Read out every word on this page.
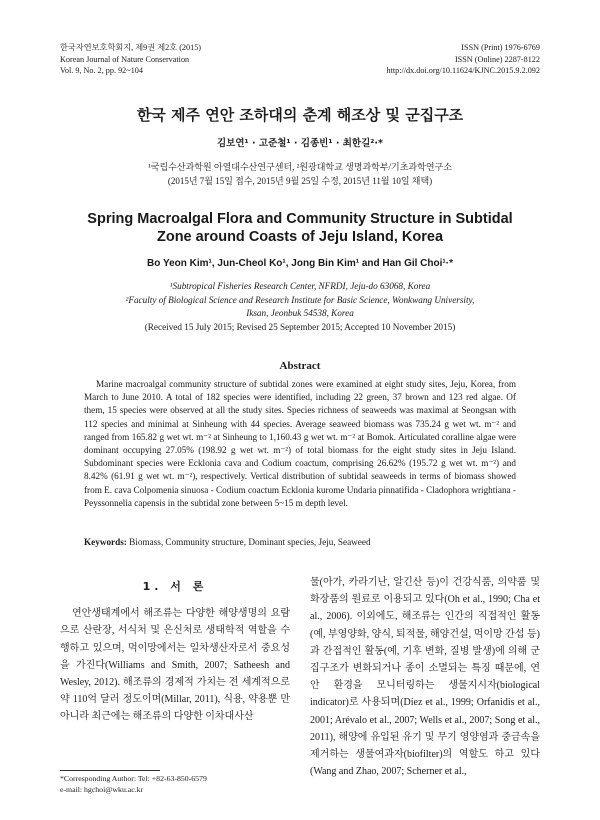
한국자연보호학회지, 제9권 제2호 (2015)
Korean Journal of Nature Conservation
Vol. 9, No. 2, pp. 92~104
ISSN (Print) 1976-6769
ISSN (Online) 2287-8122
http://dx.doi.org/10.11624/KJNC.2015.9.2.092
한국 제주 연안 조하대의 춘계 해조상 및 군집구조
김보연¹ · 고준철¹ · 김종빈¹ · 최한길²·*
¹국립수산과학원 아열대수산연구센터, ²원광대학교 생명과학부/기초과학연구소
(2015년 7월 15일 접수, 2015년 9월 25일 수정, 2015년 11월 10일 채택)
Spring Macroalgal Flora and Community Structure in Subtidal
Zone around Coasts of Jeju Island, Korea
Bo Yeon Kim¹, Jun-Cheol Ko¹, Jong Bin Kim¹ and Han Gil Choi¹·*
¹Subtropical Fisheries Research Center, NFRDI, Jeju-do 63068, Korea
²Faculty of Biological Science and Research Institute for Basic Science, Wonkwang University,
Iksan, Jeonbuk 54538, Korea
(Received 15 July 2015; Revised 25 September 2015; Accepted 10 November 2015)
Abstract

Marine macroalgal community structure of subtidal zones were examined at eight study sites, Jeju, Korea, from March to June 2010. A total of 182 species were identified, including 22 green, 37 brown and 123 red algae. Of them, 15 species were observed at all the study sites. Species richness of seaweeds was maximal at Seongsan with 112 species and minimal at Sinheung with 44 species. Average seaweed biomass was 735.24 g wet wt. m⁻² and ranged from 165.82 g wet wt. m⁻² at Sinheung to 1,160.43 g wet wt. m⁻² at Bomok. Articulated coralline algae were dominant occupying 27.05% (198.92 g wet wt. m⁻²) of total biomass for the eight study sites in Jeju Island. Subdominant species were Ecklonia cava and Codium coactum, comprising 26.62% (195.72 g wet wt. m⁻²) and 8.42% (61.91 g wet wt. m⁻²), respectively. Vertical distribution of subtidal seaweeds in terms of biomass showed from E. cava Colpomenia sinuosa - Codium coactum Ecklonia kurome Undaria pinnatifida - Cladophora wrightiana - Peyssonnelia capensis in the subtidal zone between 5~15 m depth level.

Keywords: Biomass, Community structure, Dominant species, Jeju, Seaweed
1. 서 론

연안생태계에서 해조류는 다양한 해양생명의 요람으로 산란장, 서식처 및 은신처로 생태학적 역할을 수행하고 있으며, 먹이망에서는 일차생산자로서 중요성을 가진다(Williams and Smith, 2007; Satheesh and Wesley, 2012). 해조류의 경제적 가치는 전 세계적으로 약 110억 달러 정도이며(Millar, 2011), 식용, 약용뿐 만 아니라 최근에는 해조류의 다양한 이차대사산

물(아가, 카라기난, 알긴산 등)이 건강식품, 의약품 및 화장품의 원료로 이용되고 있다(Oh et al., 1990; Cha et al., 2006). 이외에도, 해조류는 인간의 직접적인 활동(예, 부영양화, 양식, 퇴적물, 해양건설, 먹이망 간섭 등)과 간접적인 활동(예, 기후 변화, 질병 발생)에 의해 군집구조가 변화되거나 종이 소멸되는 특징 때문에, 연안 환경을 모니터링하는 생물지시자(biological indicator)로 사용되며(Díez et al., 1999; Orfanidis et al., 2001; Arévalo et al., 2007; Wells et al., 2007; Song et al., 2011), 해양에 유입된 유기 및 무기 영양염과 중금속을 제거하는 생물여과자(biofilter)의 역할도 하고 있다(Wang and Zhao, 2007; Scherner et al.,

*Corresponding Author: Tel: +82-63-850-6579
e-mail: hgchoi@wku.ac.kr
